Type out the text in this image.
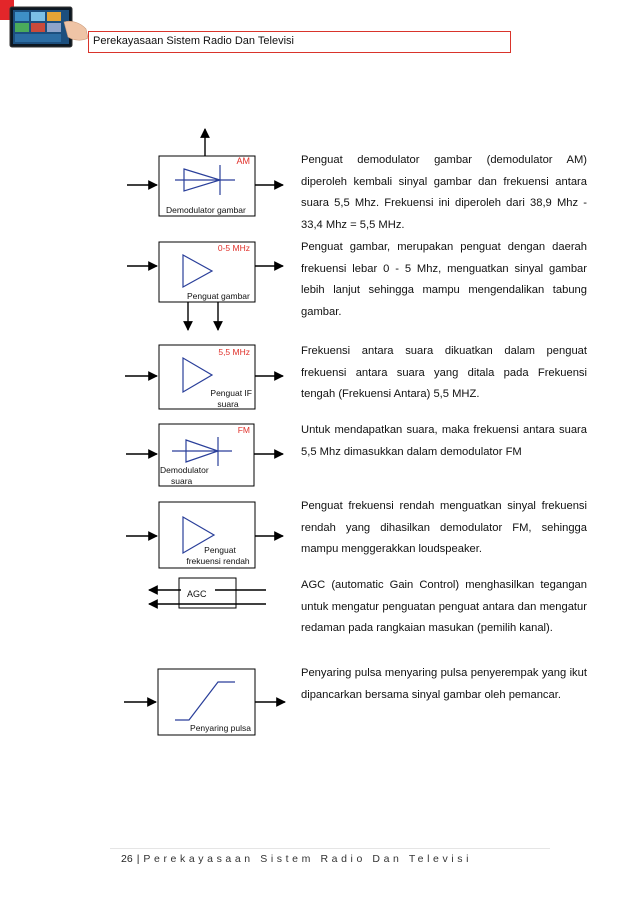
Perekayasaan Sistem Radio Dan Televisi
AM
Demodulator gambar
0-5 MHz
Penguat gambar
5,5 MHz
Penguat IF
suara
FM
Demodulator
suara
Penguat
frekuensi rendah
AGC
Penyaring pulsa

Penguat demodulator gambar (demodulator AM) diperoleh kembali sinyal gambar dan frekuensi antara suara 5,5 Mhz. Frekuensi ini diperoleh dari 38,9 Mhz - 33,4 Mhz = 5,5 MHz.

Penguat gambar, merupakan penguat dengan daerah frekuensi lebar 0 - 5 Mhz, menguatkan sinyal gambar lebih lanjut sehingga mampu mengendalikan tabung gambar.

Frekuensi antara suara dikuatkan dalam penguat frekuensi antara suara yang ditala pada Frekuensi tengah (Frekuensi Antara) 5,5 MHZ.

Untuk mendapatkan suara, maka frekuensi antara suara 5,5 Mhz dimasukkan dalam demodulator FM

Penguat frekuensi rendah menguatkan sinyal frekuensi rendah yang dihasilkan demodulator FM, sehingga mampu menggerakkan loudspeaker.

AGC (automatic Gain Control) menghasilkan tegangan untuk mengatur penguatan penguat antara dan mengatur redaman pada rangkaian masukan (pemilih kanal).

Penyaring pulsa menyaring pulsa penyerempak yang ikut dipancarkan bersama sinyal gambar oleh pemancar.

26 | Perekayasaan Sistem Radio Dan Televisi
